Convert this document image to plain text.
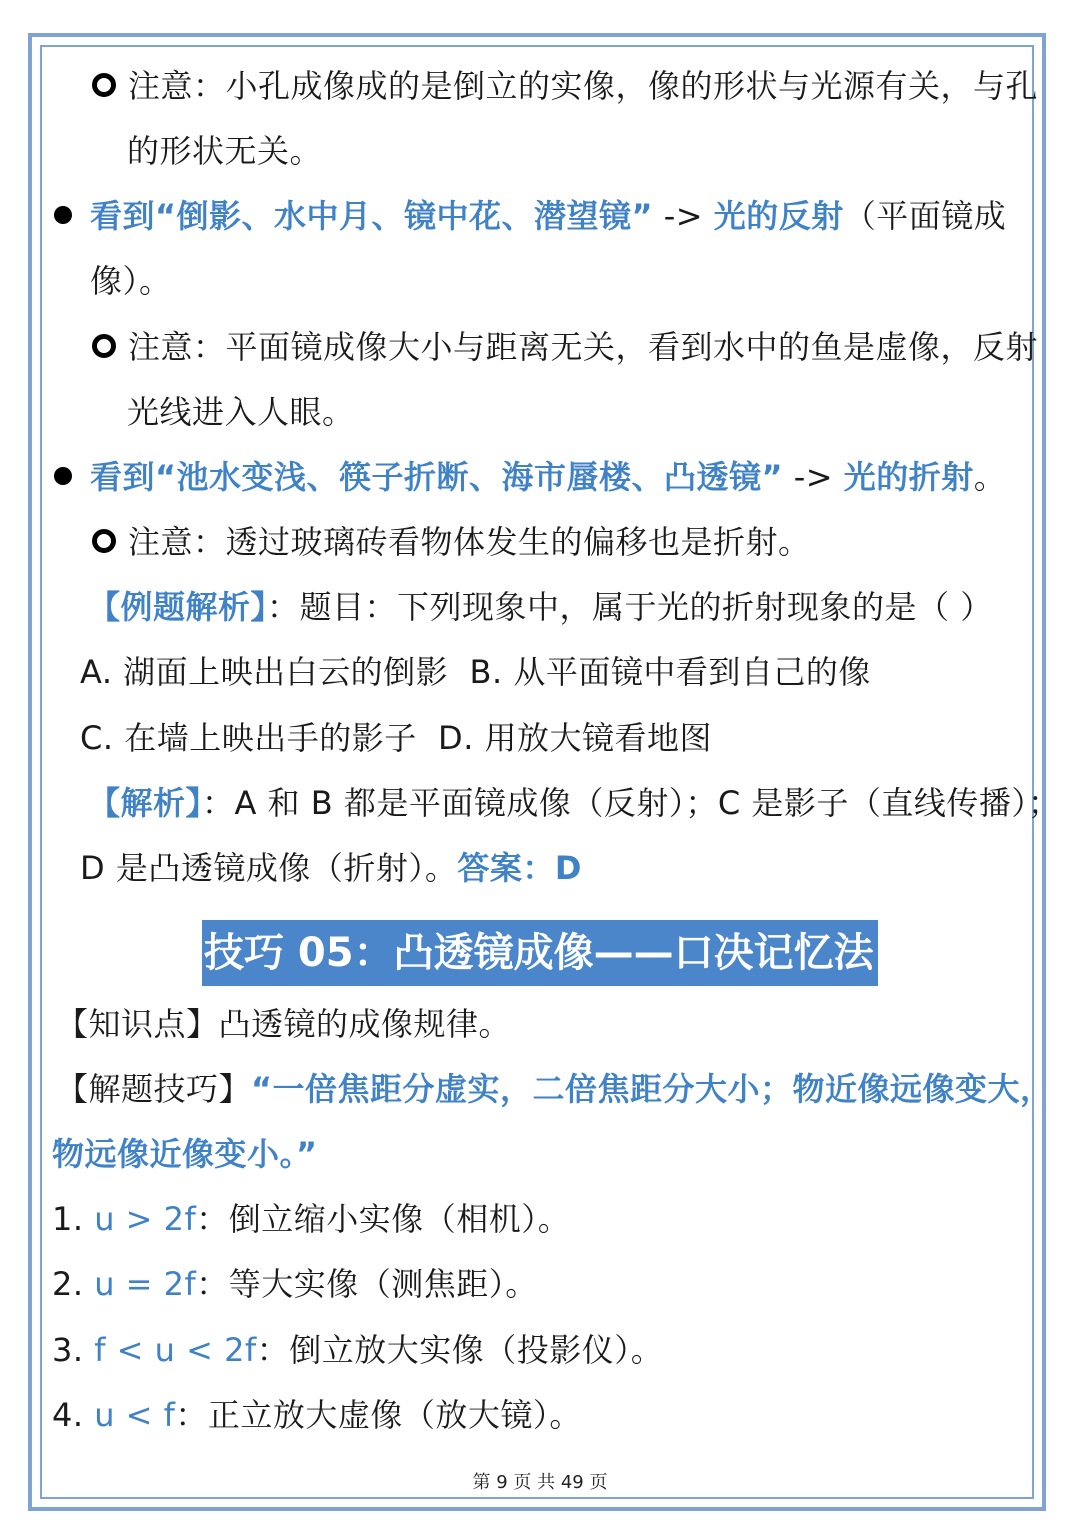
注意：小孔成像成的是倒立的实像，像的形状与光源有关，与孔
的形状无关。
看到“倒影、水中月、镜中花、潜望镜” -> 光的反射（平面镜成
像）。
注意：平面镜成像大小与距离无关，看到水中的鱼是虚像，反射
光线进入人眼。
看到“池水变浅、筷子折断、海市蜃楼、凸透镜” -> 光的折射。
注意：透过玻璃砖看物体发生的偏移也是折射。
【例题解析】：题目：下列现象中，属于光的折射现象的是（ ）
A. 湖面上映出白云的倒影 B. 从平面镜中看到自己的像
C. 在墙上映出手的影子 D. 用放大镜看地图
【解析】：A 和 B 都是平面镜成像（反射）；C 是影子（直线传播）；
D 是凸透镜成像（折射）。答案：D
技巧 05：凸透镜成像——口决记忆法
【知识点】凸透镜的成像规律。
【解题技巧】“一倍焦距分虚实，二倍焦距分大小；物近像远像变大，
物远像近像变小。”
1. u > 2f：倒立缩小实像（相机）。
2. u = 2f：等大实像（测焦距）。
3. f < u < 2f：倒立放大实像（投影仪）。
4. u < f：正立放大虚像（放大镜）。
第 9 页 共 49 页
